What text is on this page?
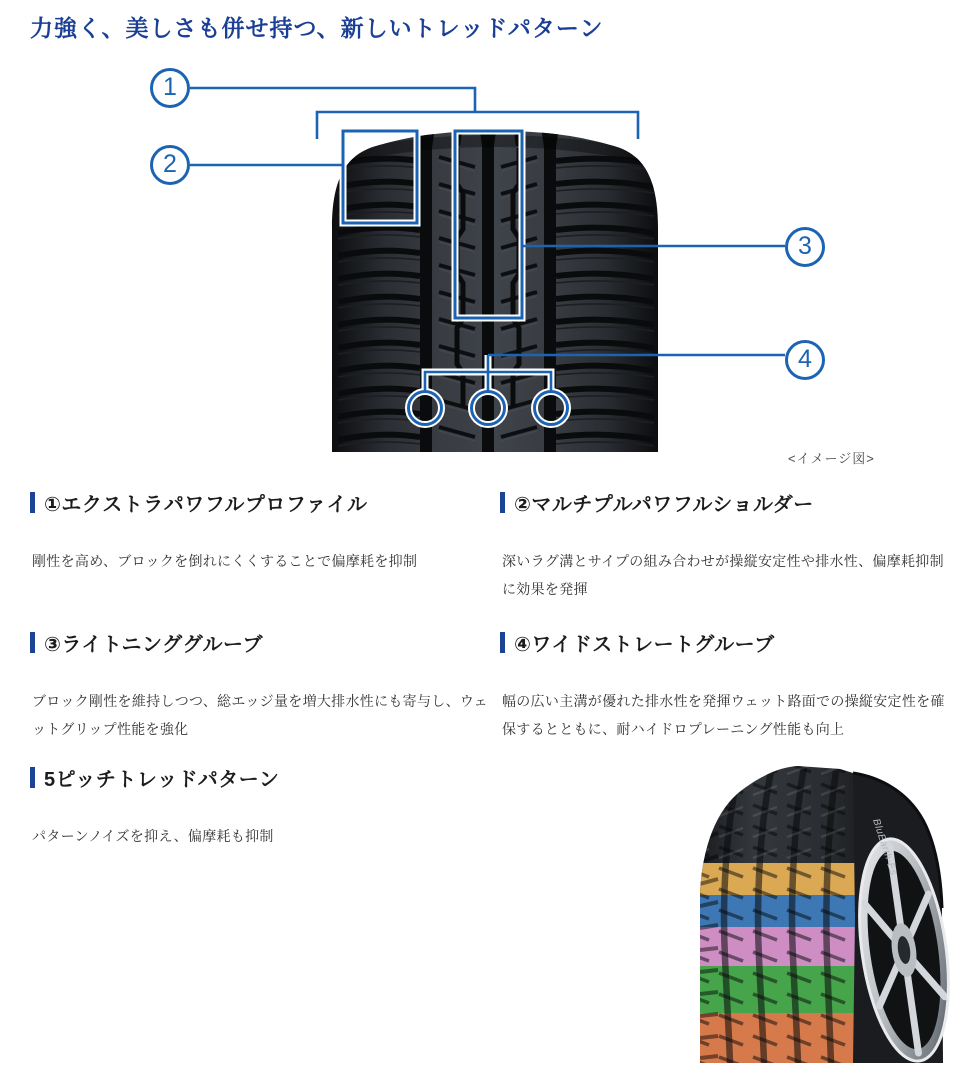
力強く、美しさも併せ持つ、新しいトレッドパターン
1
2
3
4
<イメージ図>
①エクストラパワフルプロファイル

剛性を高め、ブロックを倒れにくくすることで偏摩耗を抑制

②マルチプルパワフルショルダー

深いラグ溝とサイプの組み合わせが操縦安定性や排水性、偏摩耗抑制に効果を発揮

③ライトニンググルーブ

ブロック剛性を維持しつつ、総エッジ量を増大排水性にも寄与し、ウェットグリップ性能を強化

④ワイドストレートグルーブ

幅の広い主溝が優れた排水性を発揮ウェット路面での操縦安定性を確保するとともに、耐ハイドロプレーニング性能も向上

5ピッチトレッドパターン

パターンノイズを抑え、偏摩耗も抑制	BluEarth-Es
